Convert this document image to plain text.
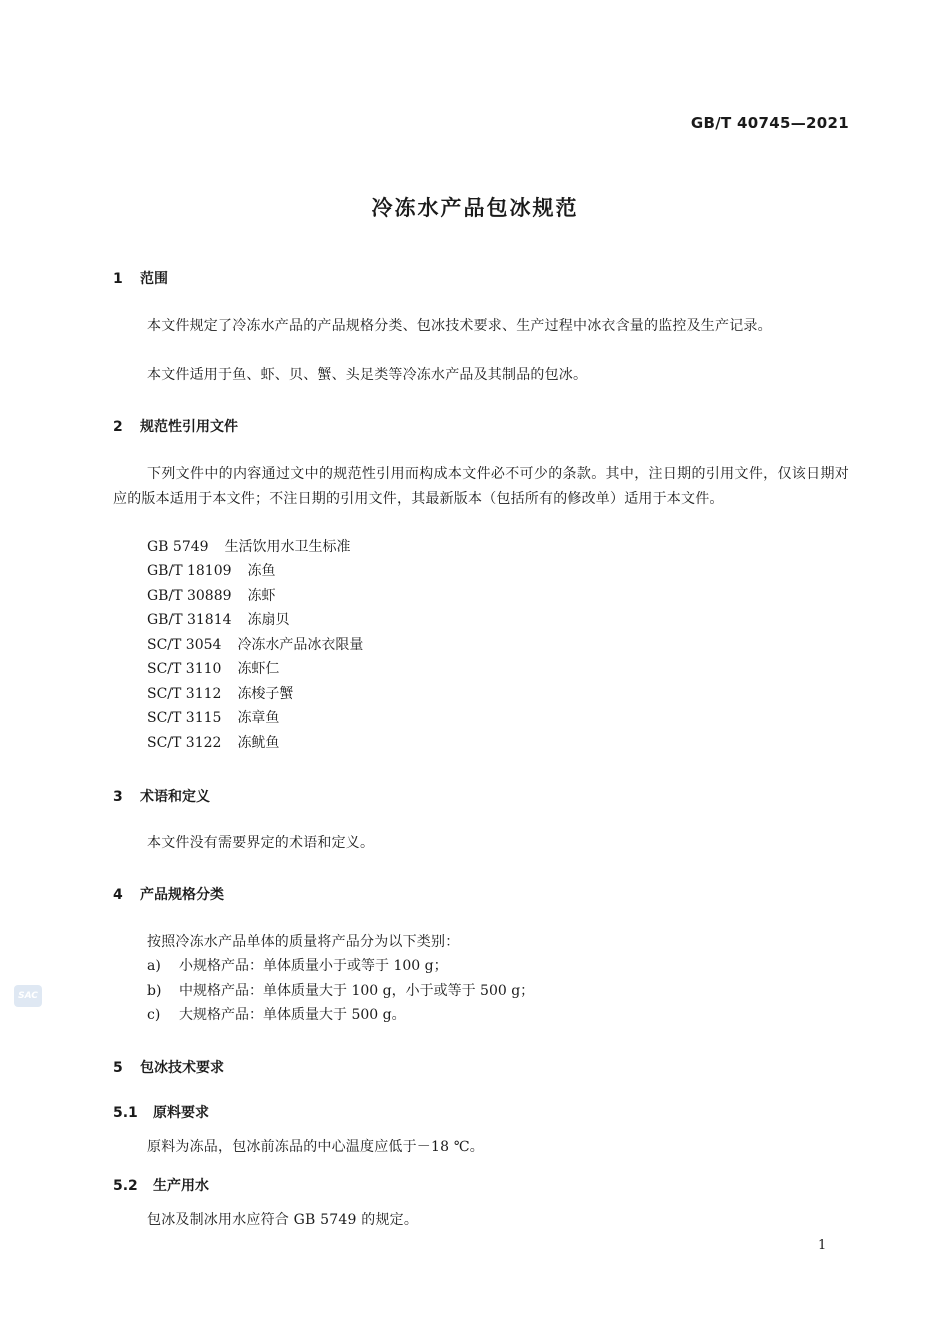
GB/T 40745—2021
冷冻水产品包冰规范
1 范围
本文件规定了冷冻水产品的产品规格分类、包冰技术要求、生产过程中冰衣含量的监控及生产记录。
本文件适用于鱼、虾、贝、蟹、头足类等冷冻水产品及其制品的包冰。
2 规范性引用文件
下列文件中的内容通过文中的规范性引用而构成本文件必不可少的条款。其中，注日期的引用文件，仅该日期对应的版本适用于本文件；不注日期的引用文件，其最新版本（包括所有的修改单）适用于本文件。
GB 5749 生活饮用水卫生标准
GB/T 18109 冻鱼
GB/T 30889 冻虾
GB/T 31814 冻扇贝
SC/T 3054 冷冻水产品冰衣限量
SC/T 3110 冻虾仁
SC/T 3112 冻梭子蟹
SC/T 3115 冻章鱼
SC/T 3122 冻鱿鱼
3 术语和定义
本文件没有需要界定的术语和定义。
4 产品规格分类
按照冷冻水产品单体的质量将产品分为以下类别：
a) 小规格产品：单体质量小于或等于 100 g；
b) 中规格产品：单体质量大于 100 g，小于或等于 500 g；
c) 大规格产品：单体质量大于 500 g。
5 包冰技术要求
5.1 原料要求
原料为冻品，包冰前冻品的中心温度应低于－18 ℃。
5.2 生产用水
包冰及制冰用水应符合 GB 5749 的规定。
SAC
1
